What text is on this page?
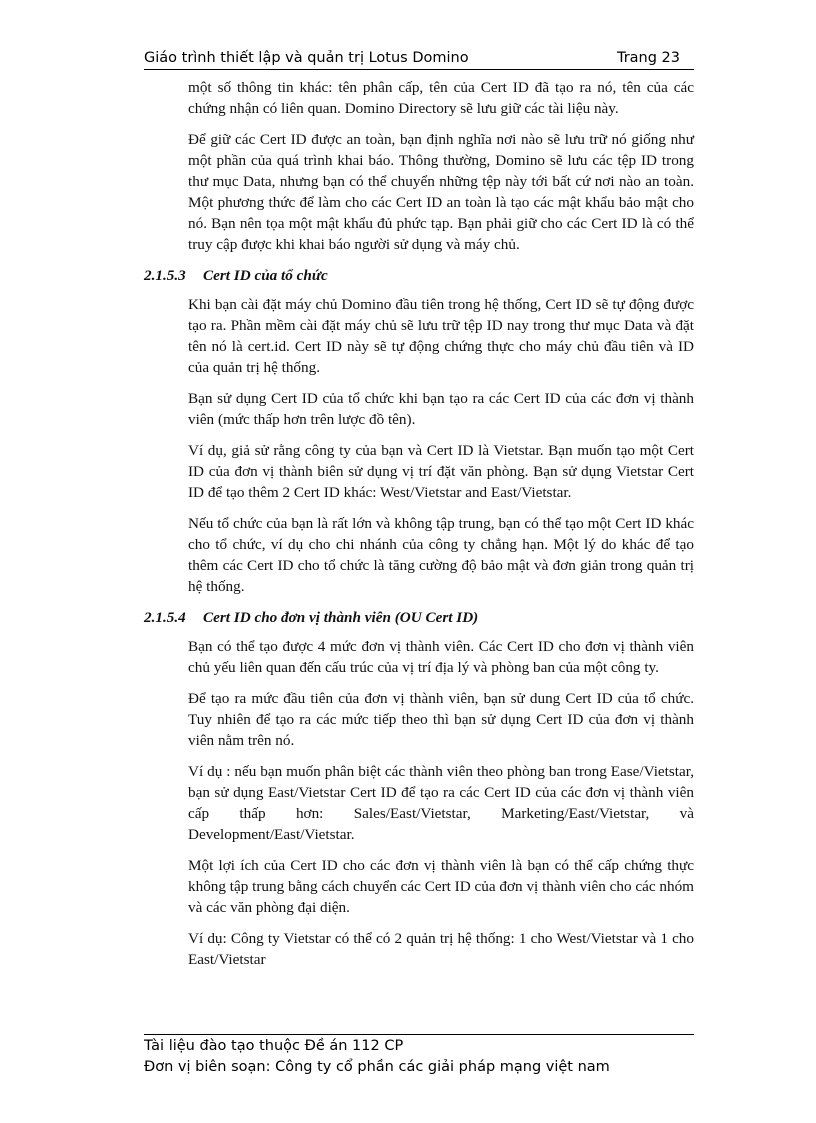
Giáo trình thiết lập và quản trị Lotus Domino	Trang 23

một số thông tin khác: tên phân cấp, tên của Cert ID đã tạo ra nó, tên của các chứng nhận có liên quan. Domino Directory sẽ lưu giữ các tài liệu này.

Để giữ các Cert ID được an toàn, bạn định nghĩa nơi nào sẽ lưu trữ nó giống như một phần của quá trình khai báo. Thông thường, Domino sẽ lưu các tệp ID trong thư mục Data, nhưng bạn có thể chuyển những tệp này tới bất cứ nơi nào an toàn. Một phương thức để làm cho các Cert ID an toàn là tạo các mật khẩu bảo mật cho nó. Bạn nên tọa một mật khẩu đủ phức tạp. Bạn phải giữ cho các Cert ID là có thể truy cập được khi khai báo người sử dụng và máy chủ.

2.1.5.3 Cert ID của tổ chức

Khi bạn cài đặt máy chủ Domino đầu tiên trong hệ thống, Cert ID sẽ tự động được tạo ra. Phần mềm cài đặt máy chủ sẽ lưu trữ tệp ID nay trong thư mục Data và đặt tên nó là cert.id. Cert ID này sẽ tự động chứng thực cho máy chủ đầu tiên và ID của quản trị hệ thống.

Bạn sử dụng Cert ID của tổ chức khi bạn tạo ra các Cert ID của các đơn vị thành viên (mức thấp hơn trên lược đồ tên).

Ví dụ, giả sử rằng công ty của bạn và Cert ID là Vietstar. Bạn muốn tạo một Cert ID của đơn vị thành biên sử dụng vị trí đặt văn phòng. Bạn sử dụng Vietstar Cert ID để tạo thêm 2 Cert ID khác: West/Vietstar and East/Vietstar.

Nếu tổ chức của bạn là rất lớn và không tập trung, bạn có thể tạo một Cert ID khác cho tổ chức, ví dụ cho chi nhánh của công ty chẳng hạn. Một lý do khác để tạo thêm các Cert ID cho tổ chức là tăng cường độ bảo mật và đơn giản trong quản trị hệ thống.

2.1.5.4 Cert ID cho đơn vị thành viên (OU Cert ID)

Bạn có thể tạo được 4 mức đơn vị thành viên. Các Cert ID cho đơn vị thành viên chủ yếu liên quan đến cấu trúc của vị trí địa lý và phòng ban của một công ty.

Để tạo ra mức đầu tiên của đơn vị thành viên, bạn sử dung Cert ID của tổ chức. Tuy nhiên để tạo ra các mức tiếp theo thì bạn sử dụng Cert ID của đơn vị thành viên nằm trên nó.

Ví dụ : nếu bạn muốn phân biệt các thành viên theo phòng ban trong Ease/Vietstar, bạn sử dụng East/Vietstar Cert ID để tạo ra các Cert ID của các đơn vị thành viên cấp thấp hơn: Sales/East/Vietstar, Marketing/East/Vietstar, và Development/East/Vietstar.

Một lợi ích của Cert ID cho các đơn vị thành viên là bạn có thể cấp chứng thực không tập trung bằng cách chuyển các Cert ID của đơn vị thành viên cho các nhóm và các văn phòng đại diện.

Ví dụ: Công ty Vietstar có thể có 2 quản trị hệ thống: 1 cho West/Vietstar và 1 cho East/Vietstar

Tài liệu đào tạo thuộc Đề án 112 CP
Đơn vị biên soạn: Công ty cổ phần các giải pháp mạng việt nam
